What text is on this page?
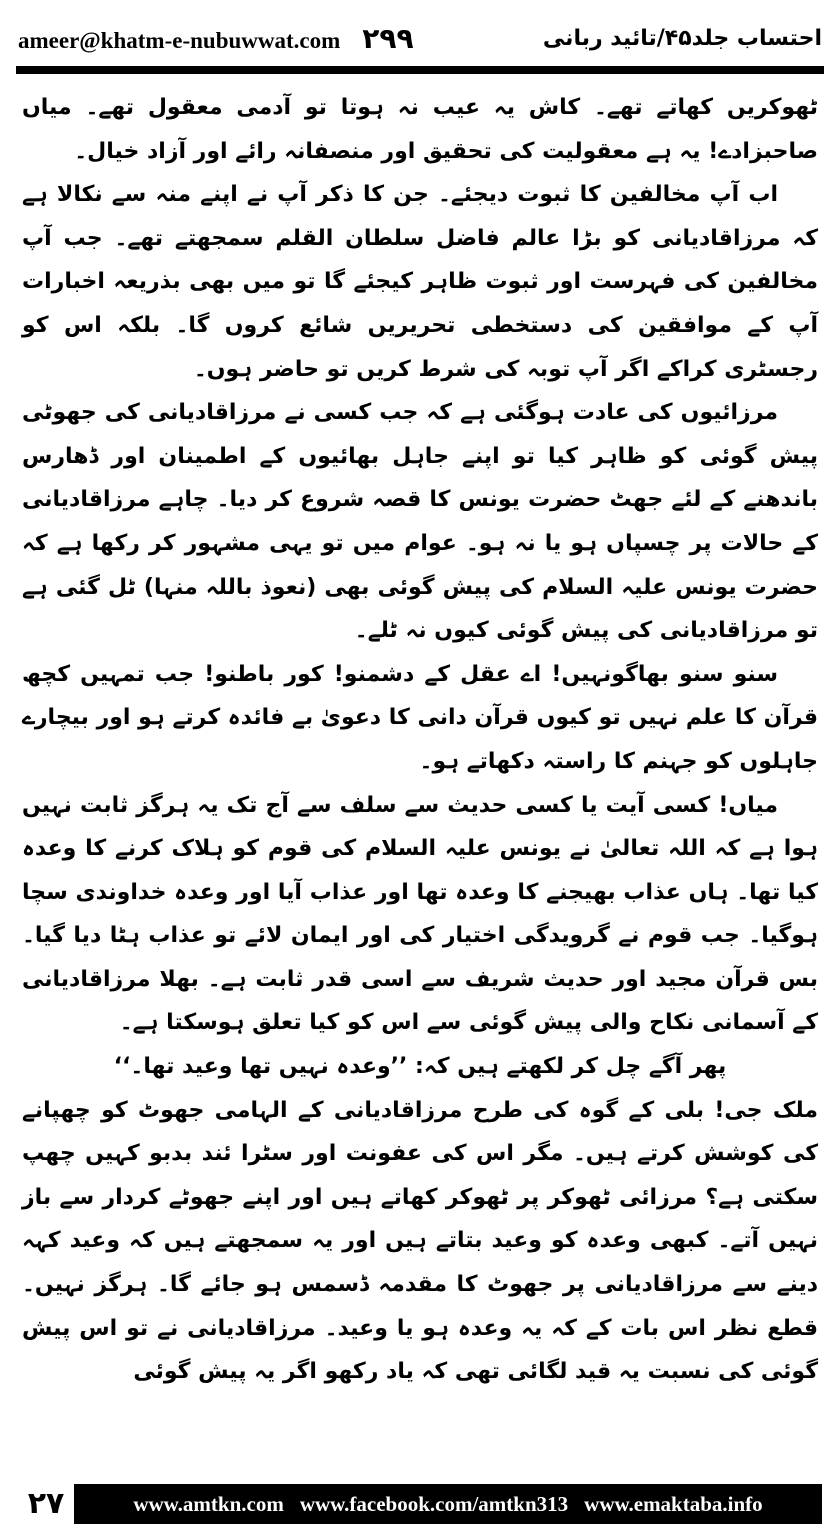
ameer@khatm-e-nubuwwat.com ۲۹۹	احتساب جلد۴۵/تائید ربانی

ٹھوکریں کھاتے تھے۔ کاش یہ عیب نہ ہوتا تو آدمی معقول تھے۔ میاں صاحبزادے! یہ ہے معقولیت کی تحقیق اور منصفانہ رائے اور آزاد خیال۔

اب آپ مخالفین کا ثبوت دیجئے۔ جن کا ذکر آپ نے اپنے منہ سے نکالا ہے کہ مرزاقادیانی کو بڑا عالم فاضل سلطان القلم سمجھتے تھے۔ جب آپ مخالفین کی فہرست اور ثبوت ظاہر کیجئے گا تو میں بھی بذریعہ اخبارات آپ کے موافقین کی دستخطی تحریریں شائع کروں گا۔ بلکہ اس کو رجسٹری کراکے اگر آپ توبہ کی شرط کریں تو حاضر ہوں۔

مرزائیوں کی عادت ہوگئی ہے کہ جب کسی نے مرزاقادیانی کی جھوٹی پیش گوئی کو ظاہر کیا تو اپنے جاہل بھائیوں کے اطمینان اور ڈھارس باندھنے کے لئے جھٹ حضرت یونس کا قصہ شروع کر دیا۔ چاہے مرزاقادیانی کے حالات پر چسپاں ہو یا نہ ہو۔ عوام میں تو یہی مشہور کر رکھا ہے کہ حضرت یونس علیہ السلام کی پیش گوئی بھی (نعوذ باللہ منہا) ٹل گئی ہے تو مرزاقادیانی کی پیش گوئی کیوں نہ ٹلے۔

سنو سنو بھاگونہیں! اے عقل کے دشمنو! کور باطنو! جب تمہیں کچھ قرآن کا علم نہیں تو کیوں قرآن دانی کا دعویٰ بے فائدہ کرتے ہو اور بیچارے جاہلوں کو جہنم کا راستہ دکھاتے ہو۔

میاں! کسی آیت یا کسی حدیث سے سلف سے آج تک یہ ہرگز ثابت نہیں ہوا ہے کہ اللہ تعالیٰ نے یونس علیہ السلام کی قوم کو ہلاک کرنے کا وعدہ کیا تھا۔ ہاں عذاب بھیجنے کا وعدہ تھا اور عذاب آیا اور وعدہ خداوندی سچا ہوگیا۔ جب قوم نے گرویدگی اختیار کی اور ایمان لائے تو عذاب ہٹا دیا گیا۔ بس قرآن مجید اور حدیث شریف سے اسی قدر ثابت ہے۔ بھلا مرزاقادیانی کے آسمانی نکاح والی پیش گوئی سے اس کو کیا تعلق ہوسکتا ہے۔

پھر آگے چل کر لکھتے ہیں کہ: ’’وعدہ نہیں تھا وعید تھا۔‘‘

ملک جی! بلی کے گوہ کی طرح مرزاقادیانی کے الہامی جھوٹ کو چھپانے کی کوشش کرتے ہیں۔ مگر اس کی عفونت اور سٹرا ئند بدبو کہیں چھپ سکتی ہے؟ مرزائی ٹھوکر پر ٹھوکر کھاتے ہیں اور اپنے جھوٹے کردار سے باز نہیں آتے۔ کبھی وعدہ کو وعید بتاتے ہیں اور یہ سمجھتے ہیں کہ وعید کہہ دینے سے مرزاقادیانی پر جھوٹ کا مقدمہ ڈسمس ہو جائے گا۔ ہرگز نہیں۔ قطع نظر اس بات کے کہ یہ وعدہ ہو یا وعید۔ مرزاقادیانی نے تو اس پیش گوئی کی نسبت یہ قید لگائی تھی کہ یاد رکھو اگر یہ پیش گوئی

۲۷	www.amtkn.com www.facebook.com/amtkn313 www.emaktaba.info
